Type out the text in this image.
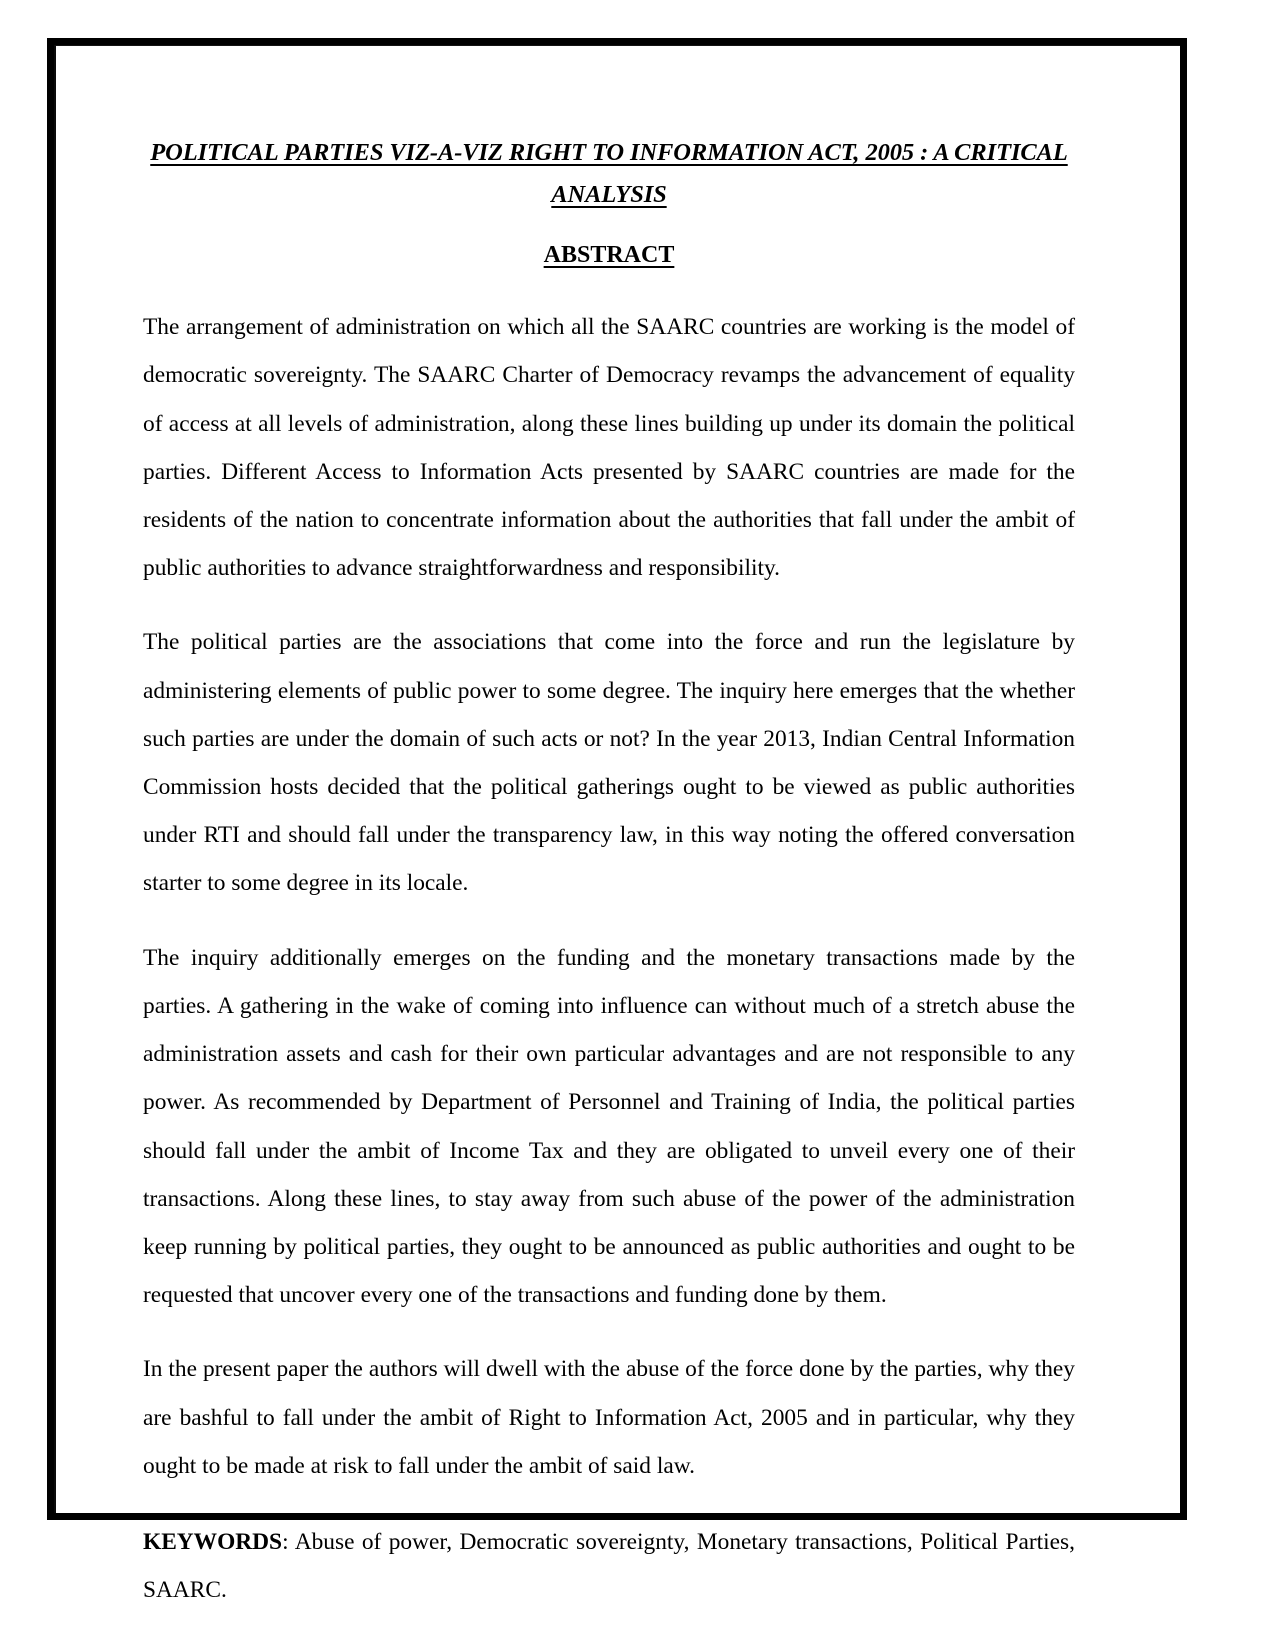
POLITICAL PARTIES VIZ-A-VIZ RIGHT TO INFORMATION ACT, 2005 : A CRITICAL ANALYSIS
ABSTRACT

The arrangement of administration on which all the SAARC countries are working is the model of democratic sovereignty. The SAARC Charter of Democracy revamps the advancement of equality of access at all levels of administration, along these lines building up under its domain the political parties. Different Access to Information Acts presented by SAARC countries are made for the residents of the nation to concentrate information about the authorities that fall under the ambit of public authorities to advance straightforwardness and responsibility.

The political parties are the associations that come into the force and run the legislature by administering elements of public power to some degree. The inquiry here emerges that the whether such parties are under the domain of such acts or not? In the year 2013, Indian Central Information Commission hosts decided that the political gatherings ought to be viewed as public authorities under RTI and should fall under the transparency law, in this way noting the offered conversation starter to some degree in its locale.

The inquiry additionally emerges on the funding and the monetary transactions made by the parties. A gathering in the wake of coming into influence can without much of a stretch abuse the administration assets and cash for their own particular advantages and are not responsible to any power. As recommended by Department of Personnel and Training of India, the political parties should fall under the ambit of Income Tax and they are obligated to unveil every one of their transactions. Along these lines, to stay away from such abuse of the power of the administration keep running by political parties, they ought to be announced as public authorities and ought to be requested that uncover every one of the transactions and funding done by them.

In the present paper the authors will dwell with the abuse of the force done by the parties, why they are bashful to fall under the ambit of Right to Information Act, 2005 and in particular, why they ought to be made at risk to fall under the ambit of said law.

KEYWORDS: Abuse of power, Democratic sovereignty, Monetary transactions, Political Parties, SAARC.
